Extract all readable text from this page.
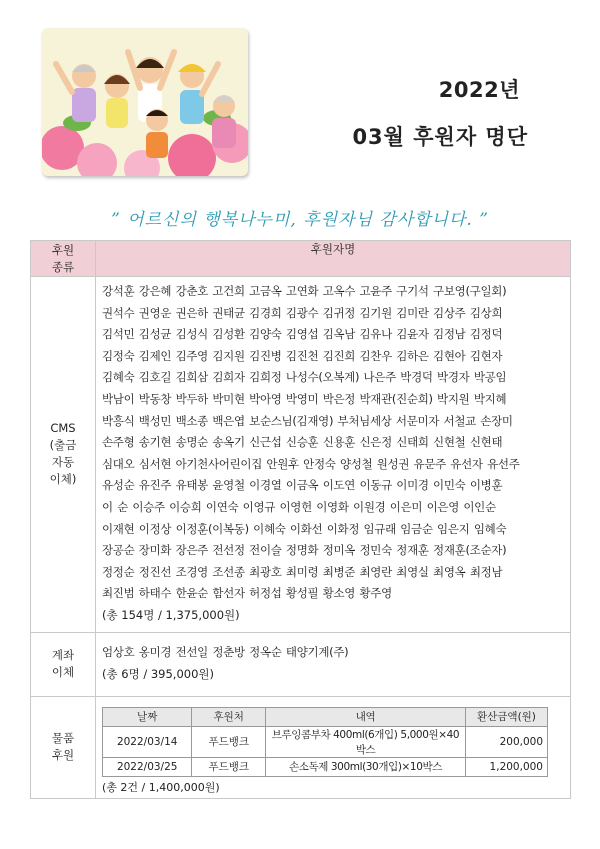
2022년
03월 후원자 명단
” 어르신의 행복나누미, 후원자님 감사합니다. ”
후원
종류	후원자명
CMS
(출금
자동
이체)	
강석훈 강은혜 강춘호 고건희 고금옥 고연화 고옥수 고윤주 구기석 구보영(구일회)
권석수 권영운 권은하 권태균 김경희 김광수 김귀정 김기원 김미란 김상주 김상희
김석민 김성균 김성식 김성환 김양숙 김영섭 김옥남 김유나 김윤자 김정남 김정덕
김정숙 김제인 김주영 김지원 김진병 김진천 김진희 김찬우 김하은 김현아 김현자
김혜숙 김호길 김희삼 김희자 김희정 나성수(오복계) 나은주 박경덕 박경자 박공임
박남이 박동창 박두하 박미현 박아영 박영미 박은정 박재관(진순희) 박지원 박지혜
박흥식 백성민 백소종 백은엽 보순스님(김재영) 부처님세상 서문미자 서철교 손장미
손주형 송기현 송명순 송옥기 신근섭 신승훈 신용훈 신은정 신태희 신현철 신현태
심대오 심서현 아기천사어린이집 안원후 안정숙 양성철 원성권 유문주 유선자 유선주
유성순 유진주 유태봉 윤영철 이경열 이금옥 이도연 이동규 이미경 이민숙 이병훈
이 순 이승주 이승희 이연숙 이영규 이영헌 이영화 이원경 이은미 이은영 이인순
이재현 이정상 이정훈(이복동) 이혜숙 이화선 이화정 임규래 임금순 임은지 임혜숙
장공순 장미화 장은주 전선정 전이슬 정명화 정미옥 정민숙 정재훈 정재훈(조순자)
정정순 정진선 조경영 조선종 최광호 최미령 최병준 최영란 최영실 최영옥 최정남
최진범 하태수 한윤순 함선자 허정섭 황성필 황소영 황주영
(총 154명 / 1,375,000원)

계좌
이체	
엄상호 옹미경 전선일 정춘방 정옥순 태양기계(주)
(총 6명 / 395,000원)

물품
후원	
날짜	후원처	내역	환산금액(원)
2022/03/14	푸드뱅크	브루잉콤부차 400ml(6개입) 5,000원×40박스	200,000
2022/03/25	푸드뱅크	손소독제 300ml(30개입)×10박스	1,200,000
(총 2건 / 1,400,000원)
